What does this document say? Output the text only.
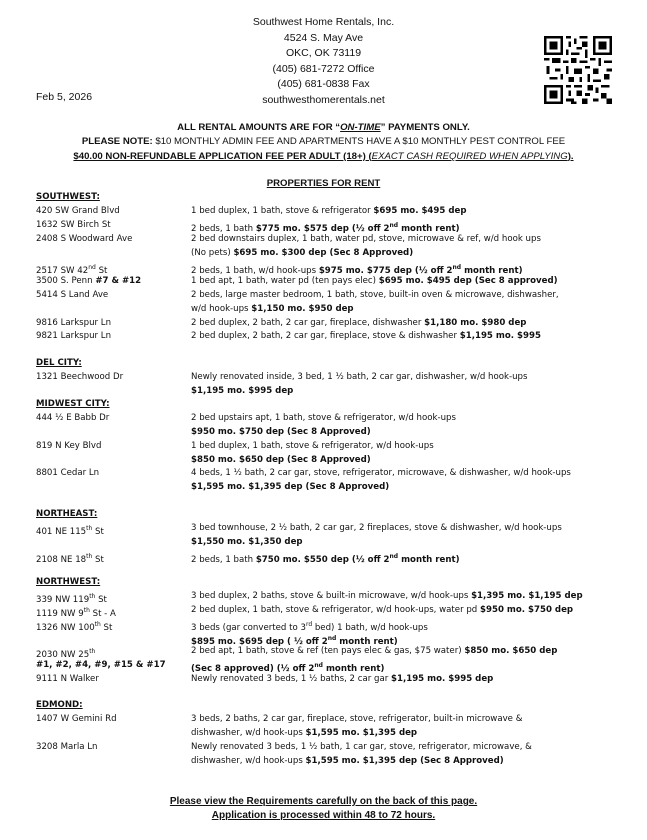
Southwest Home Rentals, Inc.
4524 S. May Ave
OKC, OK 73119
(405) 681-7272 Office
(405) 681-0838 Fax
southwesthomerentals.net
Feb 5, 2026
ALL RENTAL AMOUNTS ARE FOR “ON-TIME” PAYMENTS ONLY.
PLEASE NOTE: $10 MONTHLY ADMIN FEE AND APARTMENTS HAVE A $10 MONTHLY PEST CONTROL FEE
$40.00 NON-REFUNDABLE APPLICATION FEE PER ADULT (18+) (EXACT CASH REQUIRED WHEN APPLYING).
PROPERTIES FOR RENT
SOUTHWEST:
420 SW Grand Blvd	1 bed duplex, 1 bath, stove & refrigerator $695 mo. $495 dep
1632 SW Birch St	2 beds, 1 bath $775 mo. $575 dep (½ off 2nd month rent)
2408 S Woodward Ave	2 bed downstairs duplex, 1 bath, water pd, stove, microwave & ref, w/d hook ups
(No pets) $695 mo. $300 dep (Sec 8 Approved)
2517 SW 42nd St	2 beds, 1 bath, w/d hook-ups $975 mo. $775 dep (½ off 2nd month rent)
3500 S. Penn #7 & #12	1 bed apt, 1 bath, water pd (ten pays elec) $695 mo. $495 dep (Sec 8 approved)
5414 S Land Ave	2 beds, large master bedroom, 1 bath, stove, built-in oven & microwave, dishwasher,
w/d hook-ups $1,150 mo. $950 dep
9816 Larkspur Ln	2 bed duplex, 2 bath, 2 car gar, fireplace, dishwasher $1,180 mo. $980 dep
9821 Larkspur Ln	2 bed duplex, 2 bath, 2 car gar, fireplace, stove & dishwasher $1,195 mo. $995
DEL CITY:
1321 Beechwood Dr	Newly renovated inside, 3 bed, 1 ½ bath, 2 car gar, dishwasher, w/d hook-ups
$1,195 mo. $995 dep
MIDWEST CITY:
444 ½ E Babb Dr	2 bed upstairs apt, 1 bath, stove & refrigerator, w/d hook-ups
$950 mo. $750 dep (Sec 8 Approved)
819 N Key Blvd	1 bed duplex, 1 bath, stove & refrigerator, w/d hook-ups
$850 mo. $650 dep (Sec 8 Approved)
8801 Cedar Ln	4 beds, 1 ½ bath, 2 car gar, stove, refrigerator, microwave, & dishwasher, w/d hook-ups
$1,595 mo. $1,395 dep (Sec 8 Approved)
NORTHEAST:
401 NE 115th St	3 bed townhouse, 2 ½ bath, 2 car gar, 2 fireplaces, stove & dishwasher, w/d hook-ups
$1,550 mo. $1,350 dep
2108 NE 18th St	2 beds, 1 bath $750 mo. $550 dep (½ off 2nd month rent)
NORTHWEST:
339 NW 119th St	3 bed duplex, 2 baths, stove & built-in microwave, w/d hook-ups $1,395 mo. $1,195 dep
1119 NW 9th St - A	2 bed duplex, 1 bath, stove & refrigerator, w/d hook-ups, water pd $950 mo. $750 dep
1326 NW 100th St	3 beds (gar converted to 3rd bed) 1 bath, w/d hook-ups
$895 mo. $695 dep ( ½ off 2nd month rent)
2030 NW 25th	2 bed apt, 1 bath, stove & ref (ten pays elec & gas, $75 water) $850 mo. $650 dep
#1, #2, #4, #9, #15 & #17	(Sec 8 approved) (½ off 2nd month rent)
9111 N Walker	Newly renovated 3 beds, 1 ½ baths, 2 car gar $1,195 mo. $995 dep
EDMOND:
1407 W Gemini Rd	3 beds, 2 baths, 2 car gar, fireplace, stove, refrigerator, built-in microwave &
dishwasher, w/d hook-ups $1,595 mo. $1,395 dep
3208 Marla Ln	Newly renovated 3 beds, 1 ½ bath, 1 car gar, stove, refrigerator, microwave, &
dishwasher, w/d hook-ups $1,595 mo. $1,395 dep (Sec 8 Approved)
Please view the Requirements carefully on the back of this page.
Application is processed within 48 to 72 hours.
